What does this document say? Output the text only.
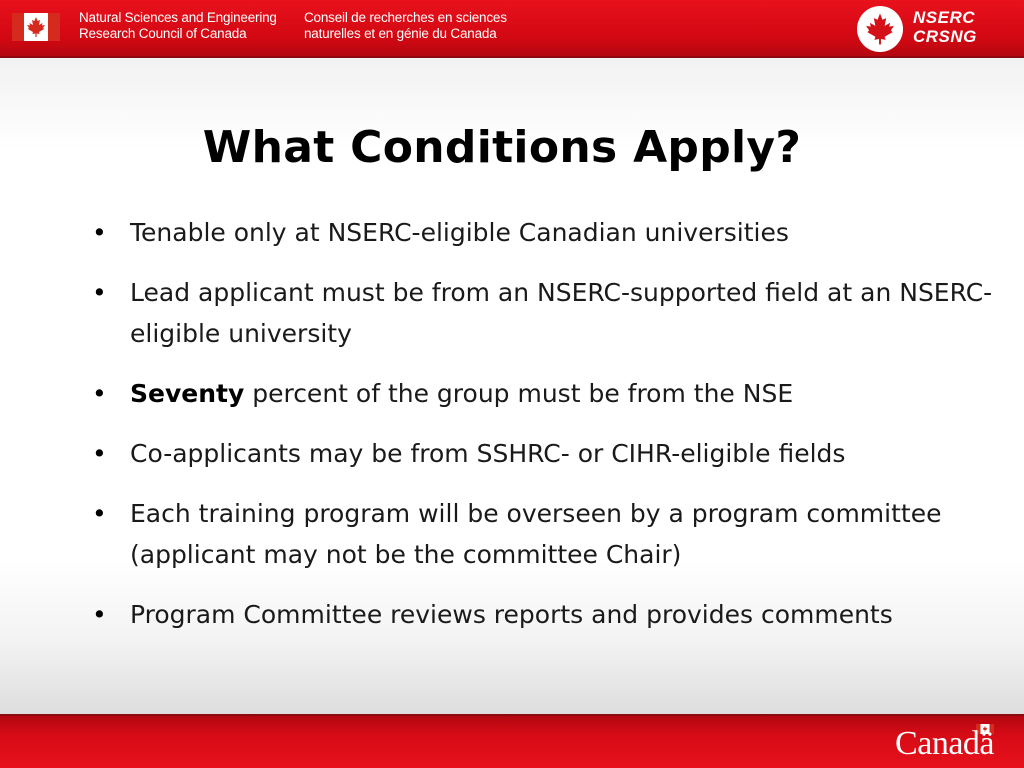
Natural Sciences and Engineering
Research Council of Canada
Conseil de recherches en sciences
naturelles et en génie du Canada
NSERC
CRSNG
What Conditions Apply?
• Tenable only at NSERC-eligible Canadian universities
• Lead applicant must be from an NSERC-supported field at an NSERC-eligible university
• Seventy percent of the group must be from the NSE
• Co-applicants may be from SSHRC- or CIHR-eligible fields
• Each training program will be overseen by a program committee (applicant may not be the committee Chair)
• Program Committee reviews reports and provides comments
Canadä
